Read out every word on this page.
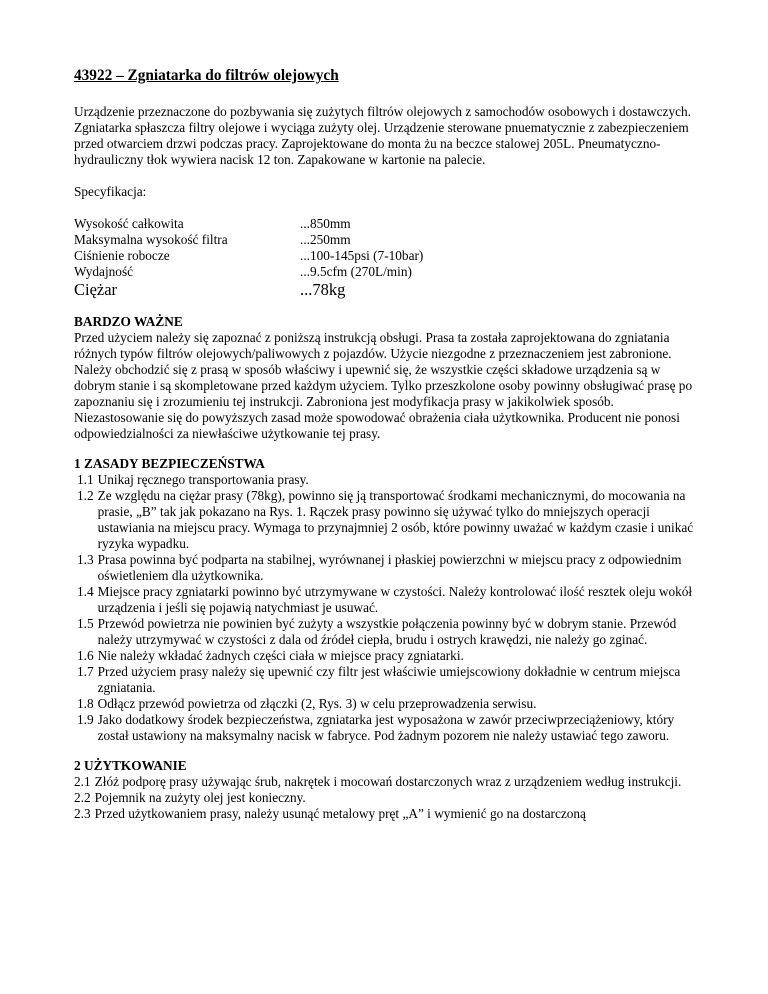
43922 – Zgniatarka do filtrów olejowych

Urządzenie przeznaczone do pozbywania się zużytych filtrów olejowych z samochodów osobowych i dostawczych. Zgniatarka spłaszcza filtry olejowe i wyciąga zużyty olej. Urządzenie sterowane pnuematycznie z zabezpieczeniem przed otwarciem drzwi podczas pracy. Zaprojektowane do monta żu na beczce stalowej 205L. Pneumatyczno-hydrauliczny tłok wywiera nacisk 12 ton. Zapakowane w kartonie na palecie.

Specyfikacja:

Wysokość całkowita	...850mm
Maksymalna wysokość filtra	...250mm
Ciśnienie robocze	...100-145psi (7-10bar)
Wydajność	...9.5cfm (270L/min)
Ciężar	...78kg

BARDZO WAŻNE

Przed użyciem należy się zapoznać z poniższą instrukcją obsługi. Prasa ta została zaprojektowana do zgniatania różnych typów filtrów olejowych/paliwowych z pojazdów. Użycie niezgodne z przeznaczeniem jest zabronione. Należy obchodzić się z prasą w sposób właściwy i upewnić się, że wszystkie części składowe urządzenia są w dobrym stanie i są skompletowane przed każdym użyciem. Tylko przeszkolone osoby powinny obsługiwać prasę po zapoznaniu się i zrozumieniu tej instrukcji. Zabroniona jest modyfikacja prasy w jakikolwiek sposób. Niezastosowanie się do powyższych zasad może spowodować obrażenia ciała użytkownika. Producent nie ponosi odpowiedzialności za niewłaściwe użytkowanie tej prasy.

1 ZASADY BEZPIECZEŃSTWA

1.1 Unikaj ręcznego transportowania prasy.
1.2 Ze względu na ciężar prasy (78kg), powinno się ją transportować środkami mechanicznymi, do mocowania na prasie, „B” tak jak pokazano na Rys. 1. Rączek prasy powinno się używać tylko do mniejszych operacji ustawiania na miejscu pracy. Wymaga to przynajmniej 2 osób, które powinny uważać w każdym czasie i unikać ryzyka wypadku.
1.3 Prasa powinna być podparta na stabilnej, wyrównanej i płaskiej powierzchni w miejscu pracy z odpowiednim oświetleniem dla użytkownika.
1.4 Miejsce pracy zgniatarki powinno być utrzymywane w czystości. Należy kontrolować ilość resztek oleju wokół urządzenia i jeśli się pojawią natychmiast je usuwać.
1.5 Przewód powietrza nie powinien być zużyty a wszystkie połączenia powinny być w dobrym stanie. Przewód należy utrzymywać w czystości z dala od źródeł ciepła, brudu i ostrych krawędzi, nie należy go zginać.
1.6 Nie należy wkładać żadnych części ciała w miejsce pracy zgniatarki.
1.7 Przed użyciem prasy należy się upewnić czy filtr jest właściwie umiejscowiony dokładnie w centrum miejsca zgniatania.
1.8 Odłącz przewód powietrza od złączki (2, Rys. 3) w celu przeprowadzenia serwisu.
1.9 Jako dodatkowy środek bezpieczeństwa, zgniatarka jest wyposażona w zawór przeciwprzeciążeniowy, który został ustawiony na maksymalny nacisk w fabryce. Pod żadnym pozorem nie należy ustawiać tego zaworu.

2 UŻYTKOWANIE

2.1 Złóż podporę prasy używając śrub, nakrętek i mocowań dostarczonych wraz z urządzeniem według instrukcji.
2.2 Pojemnik na zużyty olej jest konieczny.
2.3 Przed użytkowaniem prasy, należy usunąć metalowy pręt „A” i wymienić go na dostarczoną
